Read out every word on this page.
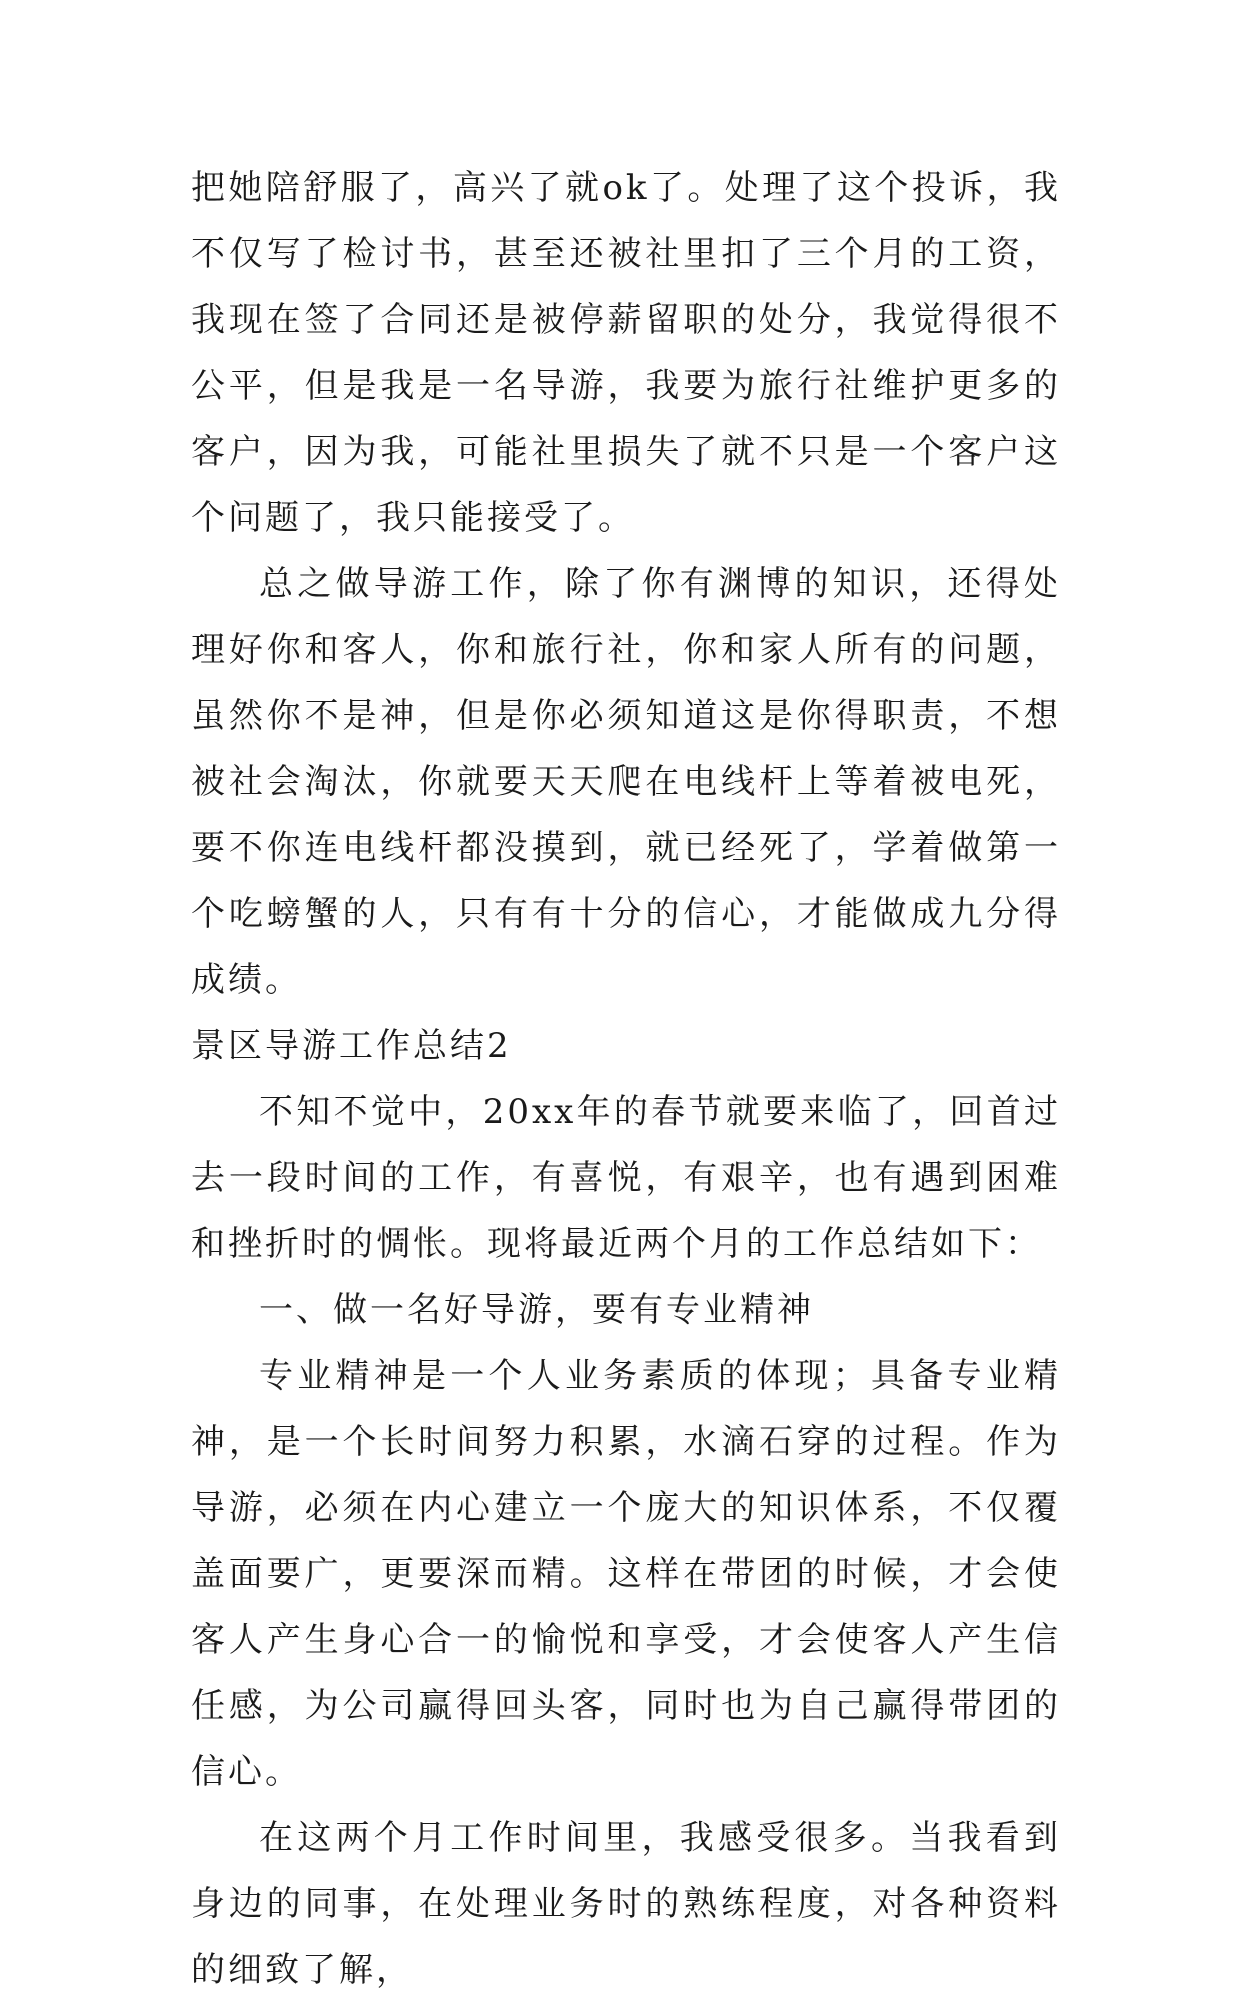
把她陪舒服了，高兴了就ok了。处理了这个投诉，我不仅写了检讨书，甚至还被社里扣了三个月的工资，我现在签了合同还是被停薪留职的处分，我觉得很不公平，但是我是一名导游，我要为旅行社维护更多的客户，因为我，可能社里损失了就不只是一个客户这个问题了，我只能接受了。

总之做导游工作，除了你有渊博的知识，还得处理好你和客人，你和旅行社，你和家人所有的问题，虽然你不是神，但是你必须知道这是你得职责，不想被社会淘汰，你就要天天爬在电线杆上等着被电死，要不你连电线杆都没摸到，就已经死了，学着做第一个吃螃蟹的人，只有有十分的信心，才能做成九分得成绩。

景区导游工作总结2

不知不觉中，20xx年的春节就要来临了，回首过去一段时间的工作，有喜悦，有艰辛，也有遇到困难和挫折时的惆怅。现将最近两个月的工作总结如下：

一、做一名好导游，要有专业精神

专业精神是一个人业务素质的体现；具备专业精神，是一个长时间努力积累，水滴石穿的过程。作为导游，必须在内心建立一个庞大的知识体系，不仅覆盖面要广，更要深而精。这样在带团的时候，才会使客人产生身心合一的愉悦和享受，才会使客人产生信任感，为公司赢得回头客，同时也为自己赢得带团的信心。

在这两个月工作时间里，我感受很多。当我看到身边的同事，在处理业务时的熟练程度，对各种资料的细致了解，
